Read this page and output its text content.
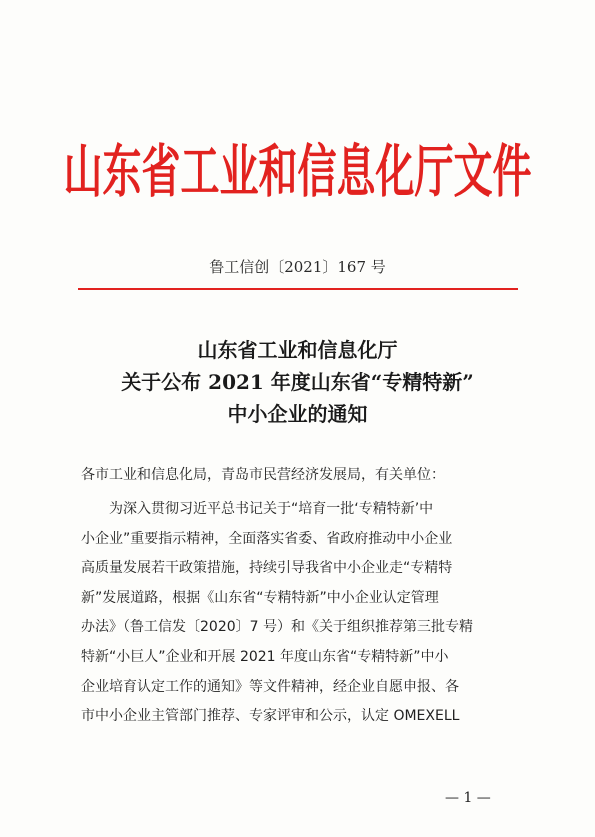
山东省工业和信息化厅文件
鲁工信创〔2021〕167 号
山东省工业和信息化厅
关于公布 2021 年度山东省“专精特新”
中小企业的通知
各市工业和信息化局，青岛市民营经济发展局，有关单位：
为深入贯彻习近平总书记关于“培育一批‘专精特新’中
小企业”重要指示精神，全面落实省委、省政府推动中小企业
高质量发展若干政策措施，持续引导我省中小企业走“专精特
新”发展道路，根据《山东省“专精特新”中小企业认定管理
办法》（鲁工信发〔2020〕7 号）和《关于组织推荐第三批专精
特新“小巨人”企业和开展 2021 年度山东省“专精特新”中小
企业培育认定工作的通知》等文件精神，经企业自愿申报、各
市中小企业主管部门推荐、专家评审和公示，认定 OMEXELL
— 1 —
